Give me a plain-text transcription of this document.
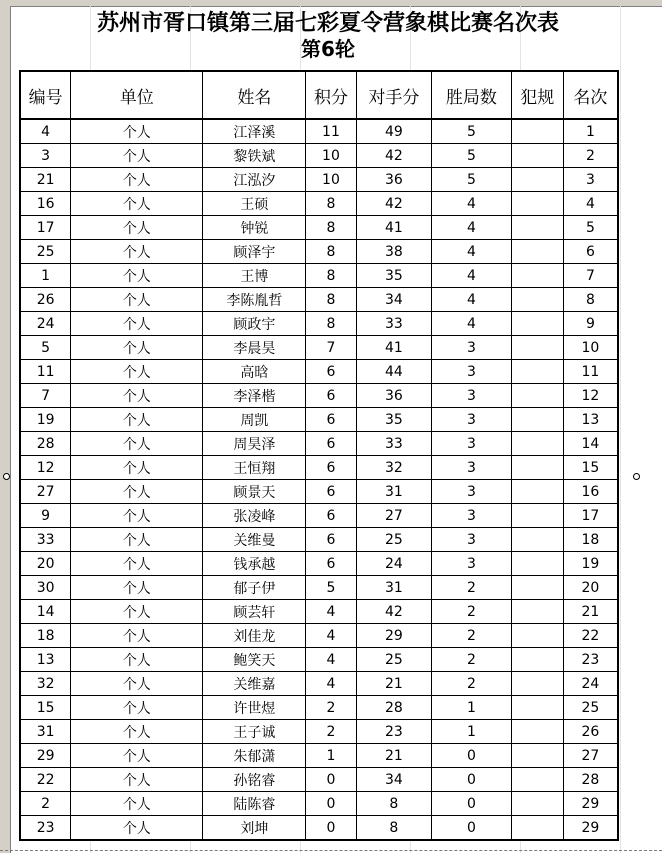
苏州市胥口镇第三届七彩夏令营象棋比赛名次表
第6轮
编号	单位	姓名	积分	对手分	胜局数	犯规	名次
4	个人	江泽溪	11	49	5		1
3	个人	黎铁斌	10	42	5		2
21	个人	江泓汐	10	36	5		3
16	个人	王硕	8	42	4		4
17	个人	钟锐	8	41	4		5
25	个人	顾泽宇	8	38	4		6
1	个人	王博	8	35	4		7
26	个人	李陈胤哲	8	34	4		8
24	个人	顾政宇	8	33	4		9
5	个人	李晨昊	7	41	3		10
11	个人	高晗	6	44	3		11
7	个人	李泽楷	6	36	3		12
19	个人	周凯	6	35	3		13
28	个人	周昊泽	6	33	3		14
12	个人	王恒翔	6	32	3		15
27	个人	顾景天	6	31	3		16
9	个人	张凌峰	6	27	3		17
33	个人	关维曼	6	25	3		18
20	个人	钱承越	6	24	3		19
30	个人	郁子伊	5	31	2		20
14	个人	顾芸轩	4	42	2		21
18	个人	刘佳龙	4	29	2		22
13	个人	鲍笑天	4	25	2		23
32	个人	关维嘉	4	21	2		24
15	个人	许世煜	2	28	1		25
31	个人	王子诚	2	23	1		26
29	个人	朱郁潇	1	21	0		27
22	个人	孙铭睿	0	34	0		28
2	个人	陆陈睿	0	8	0		29
23	个人	刘坤	0	8	0		29
